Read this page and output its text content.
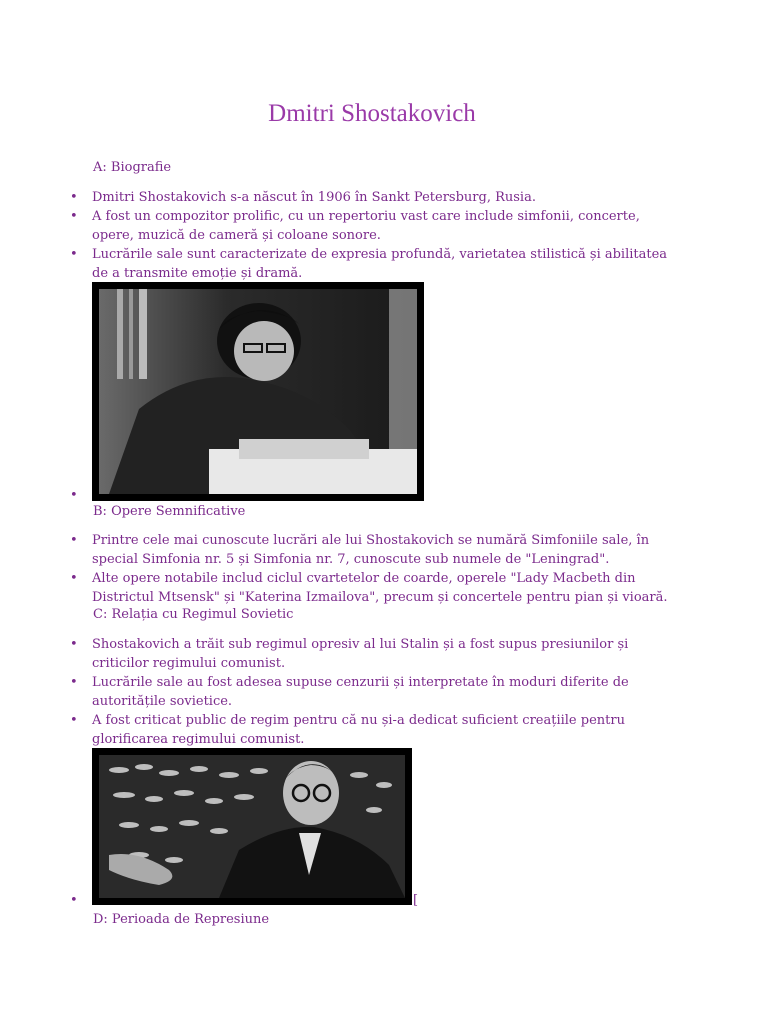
Dmitri Shostakovich
A: Biografie
• Dmitri Shostakovich s-a născut în 1906 în Sankt Petersburg, Rusia.
• A fost un compozitor prolific, cu un repertoriu vast care include simfonii, concerte, opere, muzică de cameră și coloane sonore.
• Lucrările sale sunt caracterizate de expresia profundă, varietatea stilistică și abilitatea de a transmite emoție și dramă.
•
B: Opere Semnificative
• Printre cele mai cunoscute lucrări ale lui Shostakovich se numără Simfoniile sale, în special Simfonia nr. 5 și Simfonia nr. 7, cunoscute sub numele de "Leningrad".
• Alte opere notabile includ ciclul cvartetelor de coarde, operele "Lady Macbeth din Districtul Mtsensk" și "Katerina Izmailova", precum și concertele pentru pian și vioară.
C: Relația cu Regimul Sovietic
• Shostakovich a trăit sub regimul opresiv al lui Stalin și a fost supus presiunilor și criticilor regimului comunist.
• Lucrările sale au fost adesea supuse cenzurii și interpretate în moduri diferite de autoritățile sovietice.
• A fost criticat public de regim pentru că nu și-a dedicat suficient creațiile pentru glorificarea regimului comunist.
•	[
D: Perioada de Represiune
